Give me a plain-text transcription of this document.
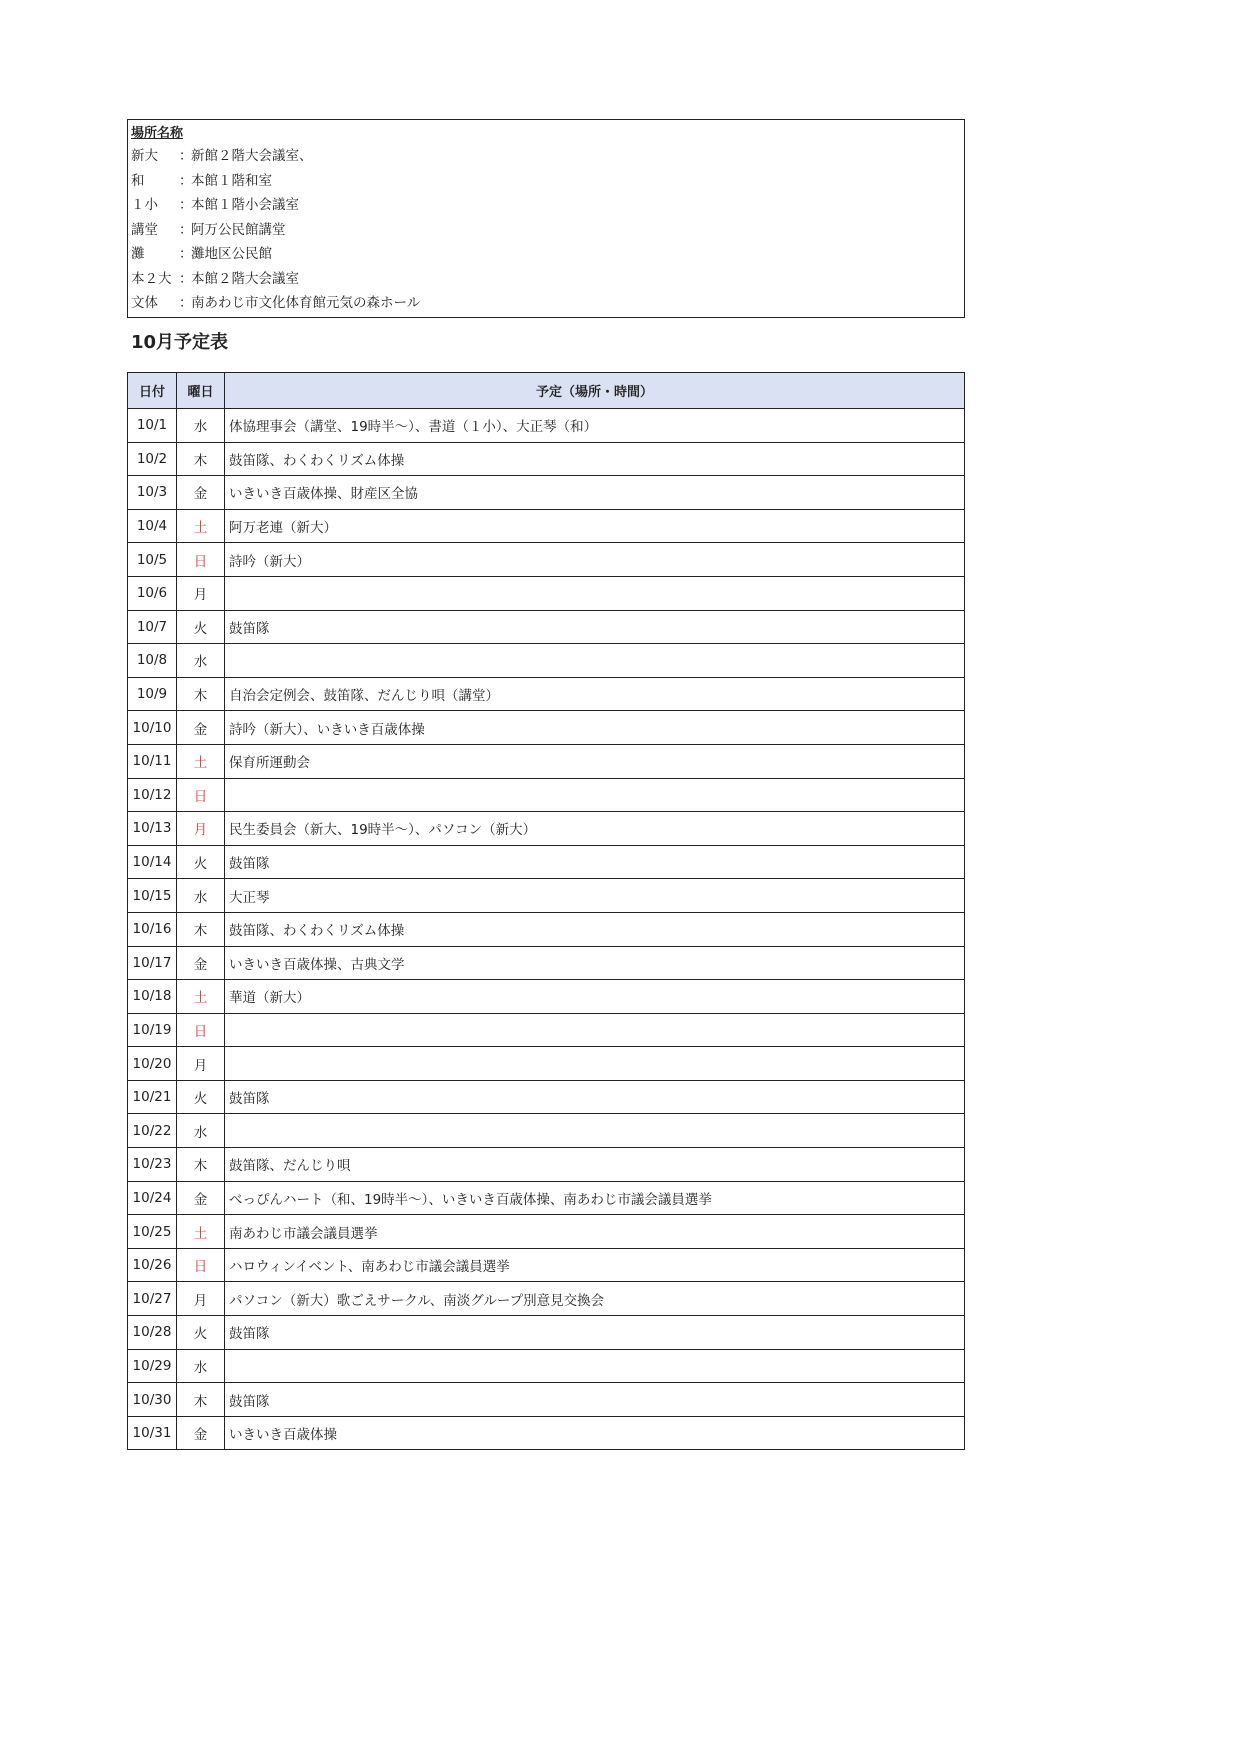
場所名称
新大	：
新館２階大会議室、
和	：
本館１階和室
１小	：
本館１階小会議室
講堂	：
阿万公民館講堂
灘	：
灘地区公民館
本２大 ：
本館２階大会議室
文体	：
南あわじ市文化体育館元気の森ホール
10月予定表
日付	曜日	予定（場所・時間）
10/1	水	体協理事会（講堂、19時半〜）、書道（１小）、大正琴（和）
10/2	木	鼓笛隊、わくわくリズム体操
10/3	金	いきいき百歳体操、財産区全協
10/4	土	阿万老連（新大）
10/5	日	詩吟（新大）
10/6	月	
10/7	火	鼓笛隊
10/8	水	
10/9	木	自治会定例会、鼓笛隊、だんじり唄（講堂）
10/10	金	詩吟（新大）、いきいき百歳体操
10/11	土	保育所運動会
10/12	日	
10/13	月	民生委員会（新大、19時半〜）、パソコン（新大）
10/14	火	鼓笛隊
10/15	水	大正琴
10/16	木	鼓笛隊、わくわくリズム体操
10/17	金	いきいき百歳体操、古典文学
10/18	土	華道（新大）
10/19	日	
10/20	月	
10/21	火	鼓笛隊
10/22	水	
10/23	木	鼓笛隊、だんじり唄
10/24	金	べっぴんハート（和、19時半〜）、いきいき百歳体操、南あわじ市議会議員選挙
10/25	土	南あわじ市議会議員選挙
10/26	日	ハロウィンイベント、南あわじ市議会議員選挙
10/27	月	パソコン（新大）歌ごえサークル、南淡グループ別意見交換会
10/28	火	鼓笛隊
10/29	水	
10/30	木	鼓笛隊
10/31	金	いきいき百歳体操
